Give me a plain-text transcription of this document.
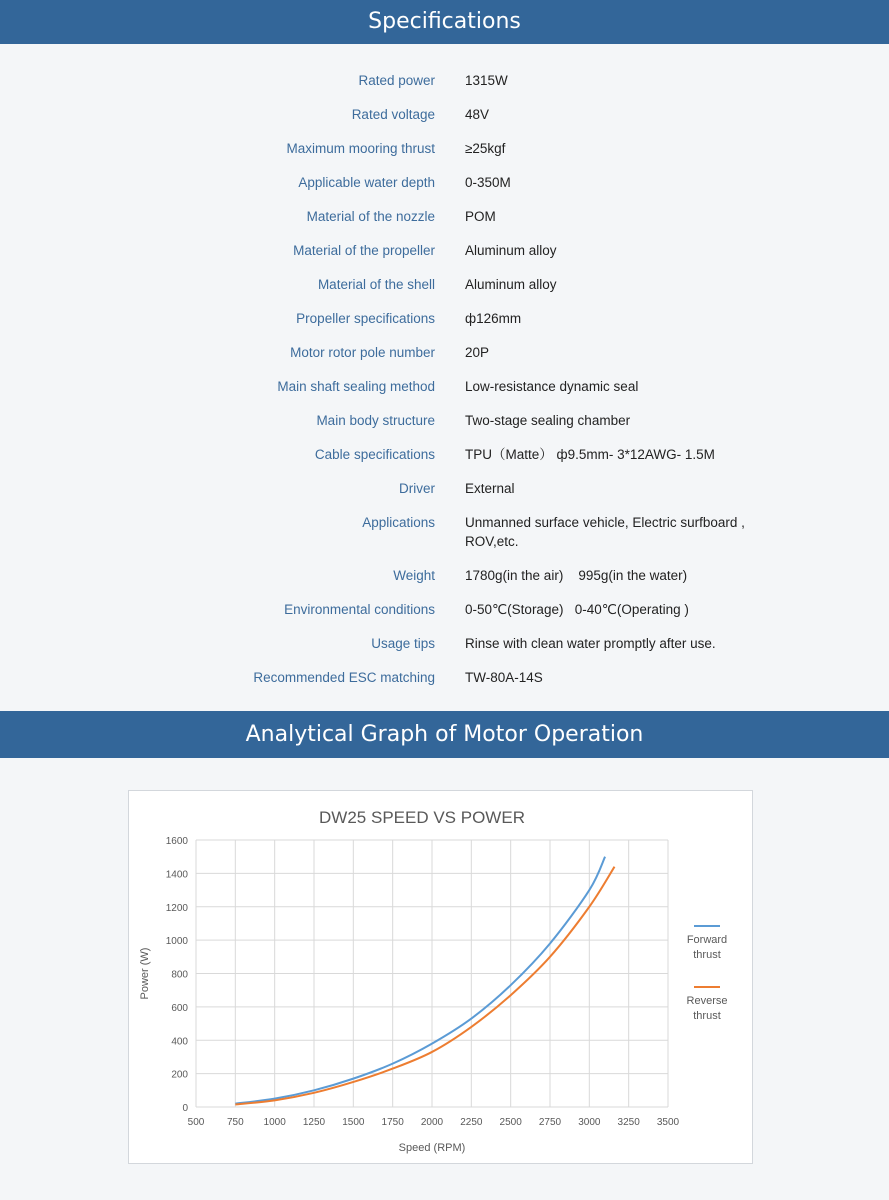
Specifications
Rated power 1315W
Rated voltage 48V
Maximum mooring thrust ≥25kgf
Applicable water depth 0-350M
Material of the nozzle POM
Material of the propeller Aluminum alloy
Material of the shell Aluminum alloy
Propeller specifications ф126mm
Motor rotor pole number 20P
Main shaft sealing method Low-resistance dynamic seal
Main body structure Two-stage sealing chamber
Cable specifications TPU（Matte） ф9.5mm- 3*12AWG- 1.5M
Driver External
Applications Unmanned surface vehicle, Electric surfboard , ROV,etc.
Weight 1780g(in the air)    995g(in the water)
Environmental conditions 0-50℃(Storage)   0-40℃(Operating )
Usage tips Rinse with clean water promptly after use.
Recommended ESC matching TW-80A-14S
Analytical Graph of Motor Operation
DW25 SPEED VS POWER
500 750 1000 1250 1500 1750 2000 2250 2500 2750 3000 3250 3500
0
200
400
600
800
1000
1200
1400
1600
Speed (RPM)
Power (W)
Forward
thrust
Reverse
thrust
